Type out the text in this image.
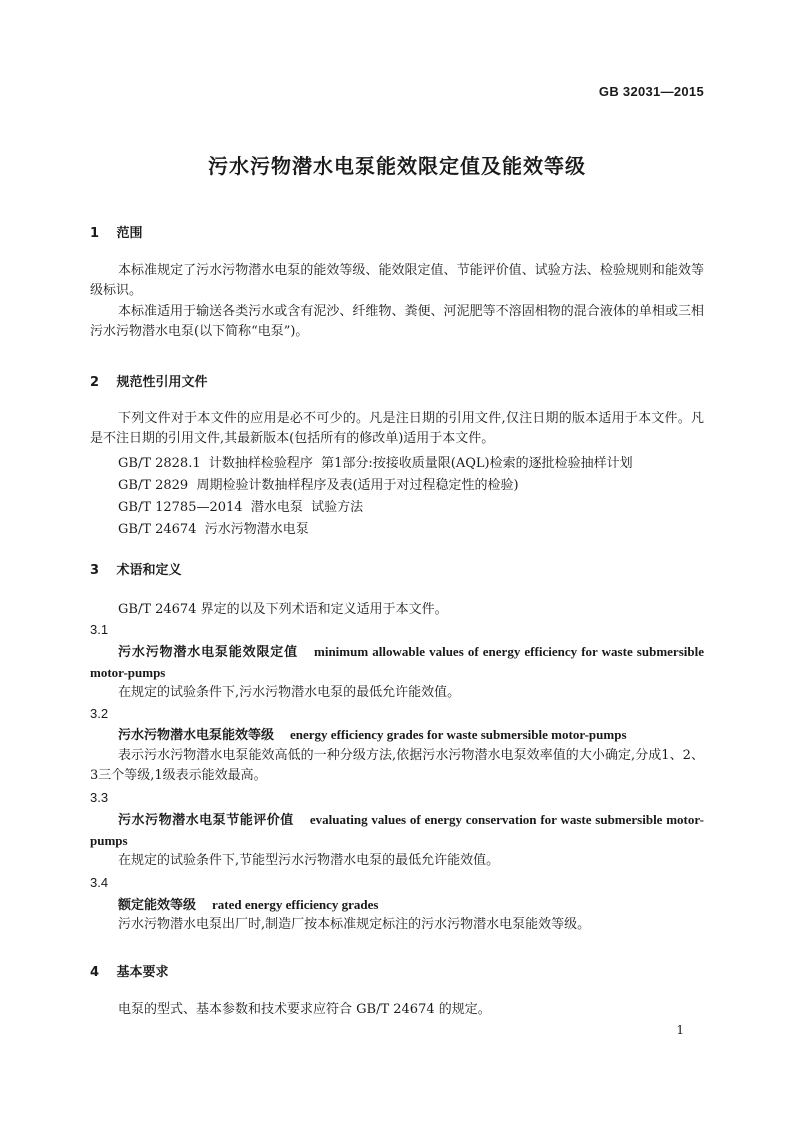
GB 32031—2015
污水污物潜水电泵能效限定值及能效等级
1 范围
本标准规定了污水污物潜水电泵的能效等级、能效限定值、节能评价值、试验方法、检验规则和能效等级标识。
本标准适用于输送各类污水或含有泥沙、纤维物、粪便、河泥肥等不溶固相物的混合液体的单相或三相污水污物潜水电泵(以下简称“电泵”)。
2 规范性引用文件
下列文件对于本文件的应用是必不可少的。凡是注日期的引用文件,仅注日期的版本适用于本文件。凡是不注日期的引用文件,其最新版本(包括所有的修改单)适用于本文件。
GB/T 2828.1  计数抽样检验程序  第1部分:按接收质量限(AQL)检索的逐批检验抽样计划
GB/T 2829  周期检验计数抽样程序及表(适用于对过程稳定性的检验)
GB/T 12785—2014  潜水电泵  试验方法
GB/T 24674  污水污物潜水电泵
3 术语和定义
GB/T 24674 界定的以及下列术语和定义适用于本文件。
3.1
污水污物潜水电泵能效限定值 minimum allowable values of energy efficiency for waste submersible motor-pumps
在规定的试验条件下,污水污物潜水电泵的最低允许能效值。
3.2
污水污物潜水电泵能效等级 energy efficiency grades for waste submersible motor-pumps
表示污水污物潜水电泵能效高低的一种分级方法,依据污水污物潜水电泵效率值的大小确定,分成1、2、3三个等级,1级表示能效最高。
3.3
污水污物潜水电泵节能评价值 evaluating values of energy conservation for waste submersible motor-pumps
在规定的试验条件下,节能型污水污物潜水电泵的最低允许能效值。
3.4
额定能效等级 rated energy efficiency grades
污水污物潜水电泵出厂时,制造厂按本标准规定标注的污水污物潜水电泵能效等级。
4 基本要求
电泵的型式、基本参数和技术要求应符合 GB/T 24674 的规定。
1
